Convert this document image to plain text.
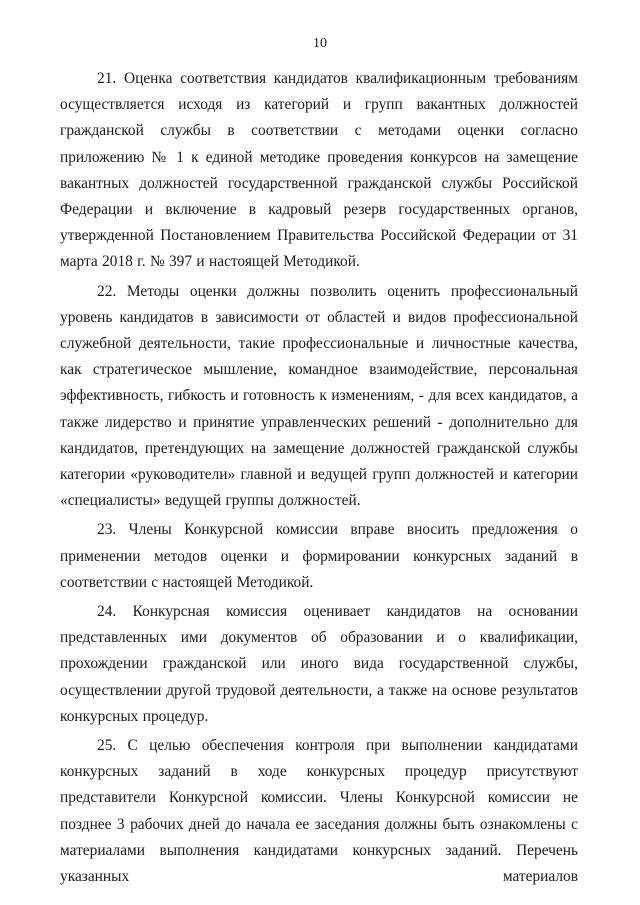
10

21. Оценка соответствия кандидатов квалификационным требованиям осуществляется исходя из категорий и групп вакантных должностей гражданской службы в соответствии с методами оценки согласно приложению № 1 к единой методике проведения конкурсов на замещение вакантных должностей государственной гражданской службы Российской Федерации и включение в кадровый резерв государственных органов, утвержденной Постановлением Правительства Российской Федерации от 31 марта 2018 г. № 397 и настоящей Методикой.

22. Методы оценки должны позволить оценить профессиональный уровень кандидатов в зависимости от областей и видов профессиональной служебной деятельности, такие профессиональные и личностные качества, как стратегическое мышление, командное взаимодействие, персональная эффективность, гибкость и готовность к изменениям, - для всех кандидатов, а также лидерство и принятие управленческих решений - дополнительно для кандидатов, претендующих на замещение должностей гражданской службы категории «руководители» главной и ведущей групп должностей и категории «специалисты» ведущей группы должностей.

23. Члены Конкурсной комиссии вправе вносить предложения о применении методов оценки и формировании конкурсных заданий в соответствии с настоящей Методикой.

24. Конкурсная комиссия оценивает кандидатов на основании представленных ими документов об образовании и о квалификации, прохождении гражданской или иного вида государственной службы, осуществлении другой трудовой деятельности, а также на основе результатов конкурсных процедур.

25. С целью обеспечения контроля при выполнении кандидатами конкурсных заданий в ходе конкурсных процедур присутствуют представители Конкурсной комиссии. Члены Конкурсной комиссии не позднее 3 рабочих дней до начала ее заседания должны быть ознакомлены с материалами выполнения кандидатами конкурсных заданий. Перечень указанных материалов
